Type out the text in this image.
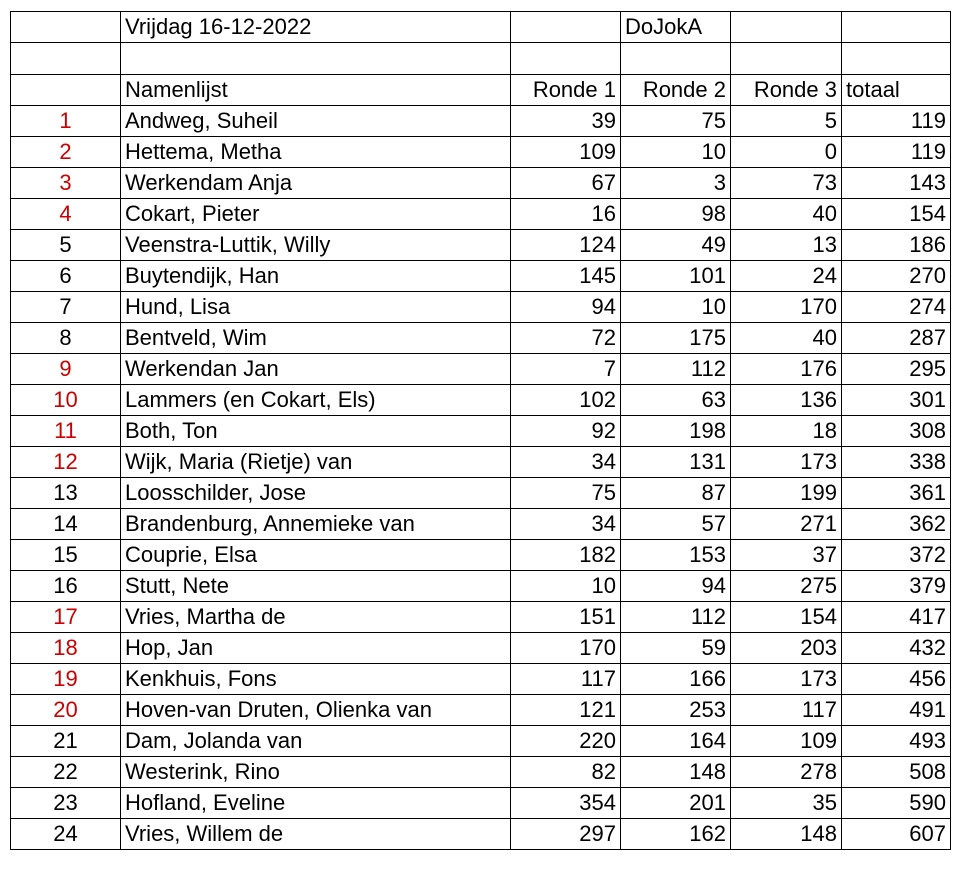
	Vrijdag 16-12-2022		DoJokA		

	Namenlijst	Ronde 1	Ronde 2	Ronde 3	totaal
1	Andweg, Suheil	39	75	5	119
2	Hettema, Metha	109	10	0	119
3	Werkendam Anja	67	3	73	143
4	Cokart, Pieter	16	98	40	154
5	Veenstra-Luttik, Willy	124	49	13	186
6	Buytendijk, Han	145	101	24	270
7	Hund, Lisa	94	10	170	274
8	Bentveld, Wim	72	175	40	287
9	Werkendan Jan	7	112	176	295
10	Lammers (en Cokart, Els)	102	63	136	301
11	Both, Ton	92	198	18	308
12	Wijk, Maria (Rietje) van	34	131	173	338
13	Loosschilder, Jose	75	87	199	361
14	Brandenburg, Annemieke van	34	57	271	362
15	Couprie, Elsa	182	153	37	372
16	Stutt, Nete	10	94	275	379
17	Vries, Martha de	151	112	154	417
18	Hop, Jan	170	59	203	432
19	Kenkhuis, Fons	117	166	173	456
20	Hoven-van Druten, Olienka van	121	253	117	491
21	Dam, Jolanda van	220	164	109	493
22	Westerink, Rino	82	148	278	508
23	Hofland, Eveline	354	201	35	590
24	Vries, Willem de	297	162	148	607
